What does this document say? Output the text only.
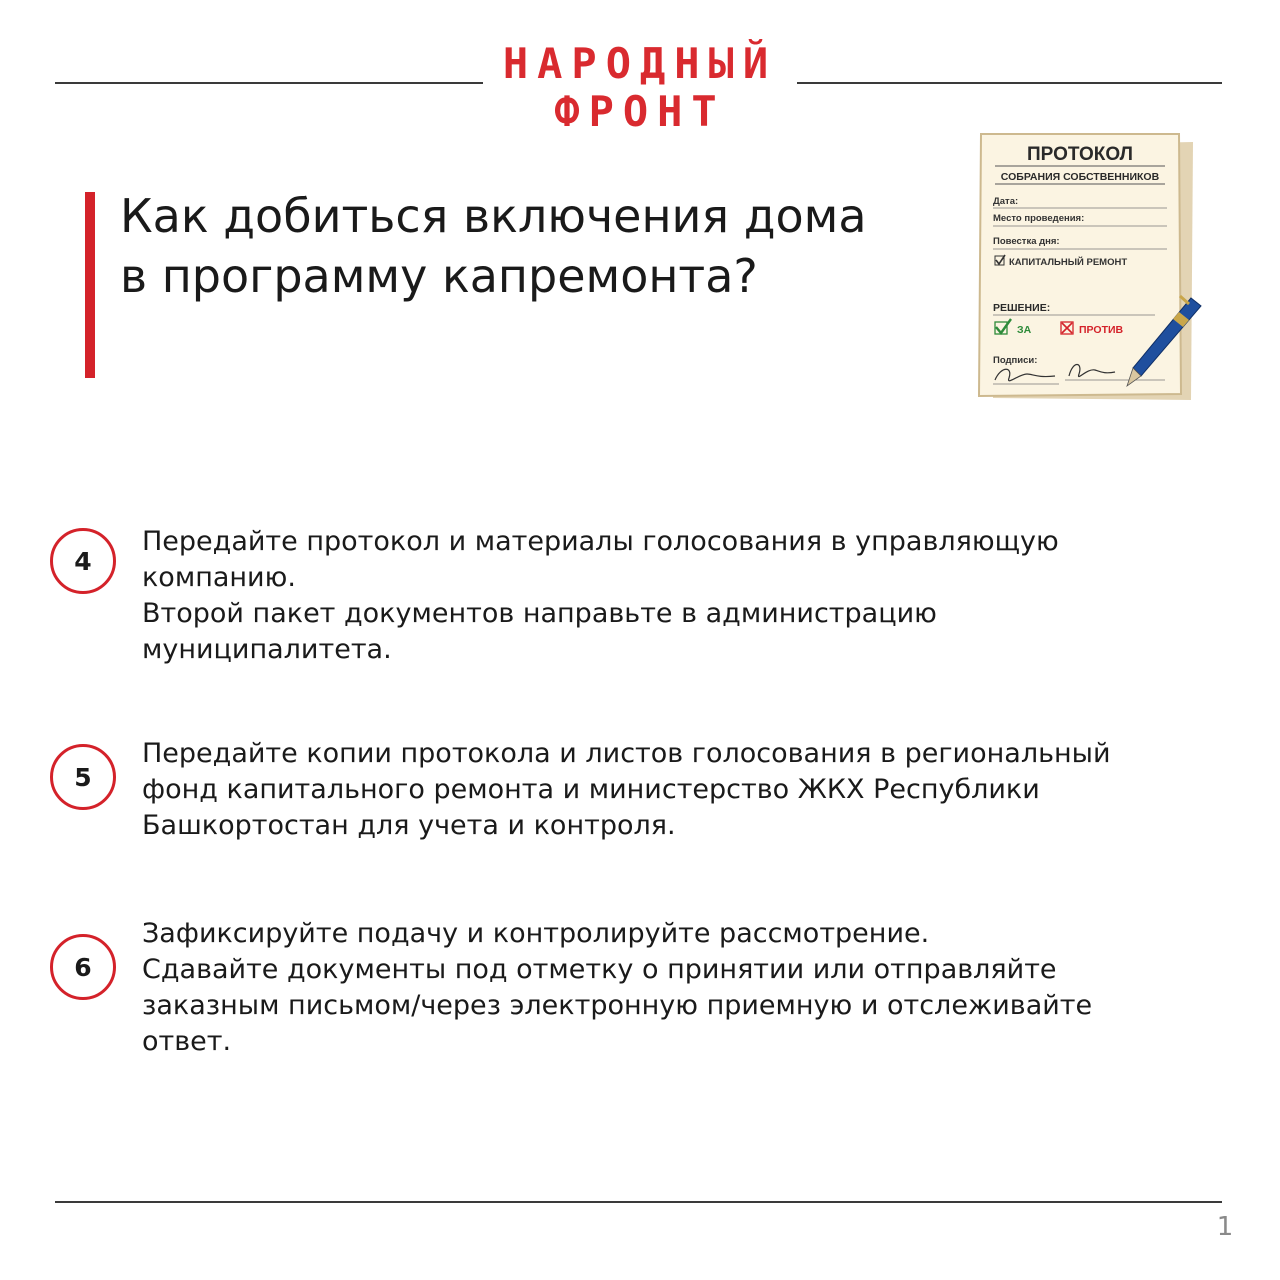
НАРОДНЫЙ
ФРОНТ
Как добиться включения дома
в программу капремонта?
ПРОТОКОЛ
СОБРАНИЯ СОБСТВЕННИКОВ
Дата:
Место проведения:
Повестка дня:
КАПИТАЛЬНЫЙ РЕМОНТ
РЕШЕНИЕ:
ЗА	ПРОТИВ
Подписи:
4
Передайте протокол и материалы голосования в управляющую
компанию.
Второй пакет документов направьте в администрацию
муниципалитета.
5
Передайте копии протокола и листов голосования в региональный
фонд капитального ремонта и министерство ЖКХ Республики
Башкортостан для учета и контроля.
6
Зафиксируйте подачу и контролируйте рассмотрение.
Сдавайте документы под отметку о принятии или отправляйте
заказным письмом/через электронную приемную и отслеживайте
ответ.
1
